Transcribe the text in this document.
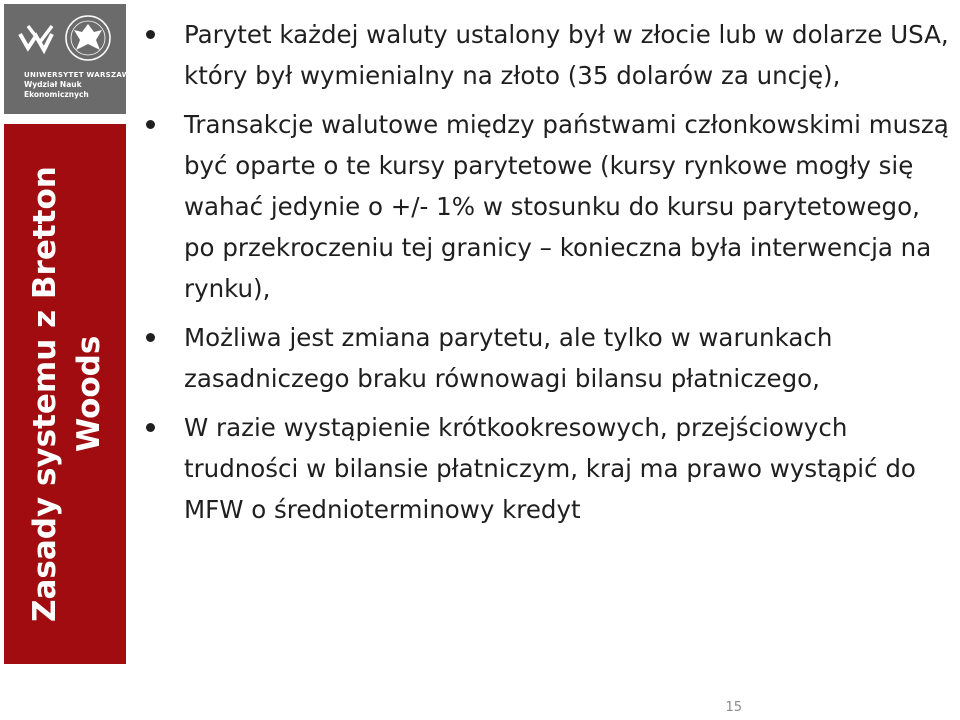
UNIWERSYTET WARSZAWSKI
Wydział Nauk
Ekonomicznych
Zasady systemu z Bretton Woods
Parytet każdej waluty ustalony był w złocie lub w dolarze USA, który był wymienialny na złoto (35 dolarów za uncję),
Transakcje walutowe między państwami członkowskimi muszą być oparte o te kursy parytetowe (kursy rynkowe mogły się wahać jedynie o +/- 1% w stosunku do kursu parytetowego, po przekroczeniu tej granicy – konieczna była interwencja na rynku),
Możliwa jest zmiana parytetu, ale tylko w warunkach zasadniczego braku równowagi bilansu płatniczego,
W razie wystąpienie krótkookresowych, przejściowych trudności w bilansie płatniczym, kraj ma prawo wystąpić do MFW o średnioterminowy kredyt
15
